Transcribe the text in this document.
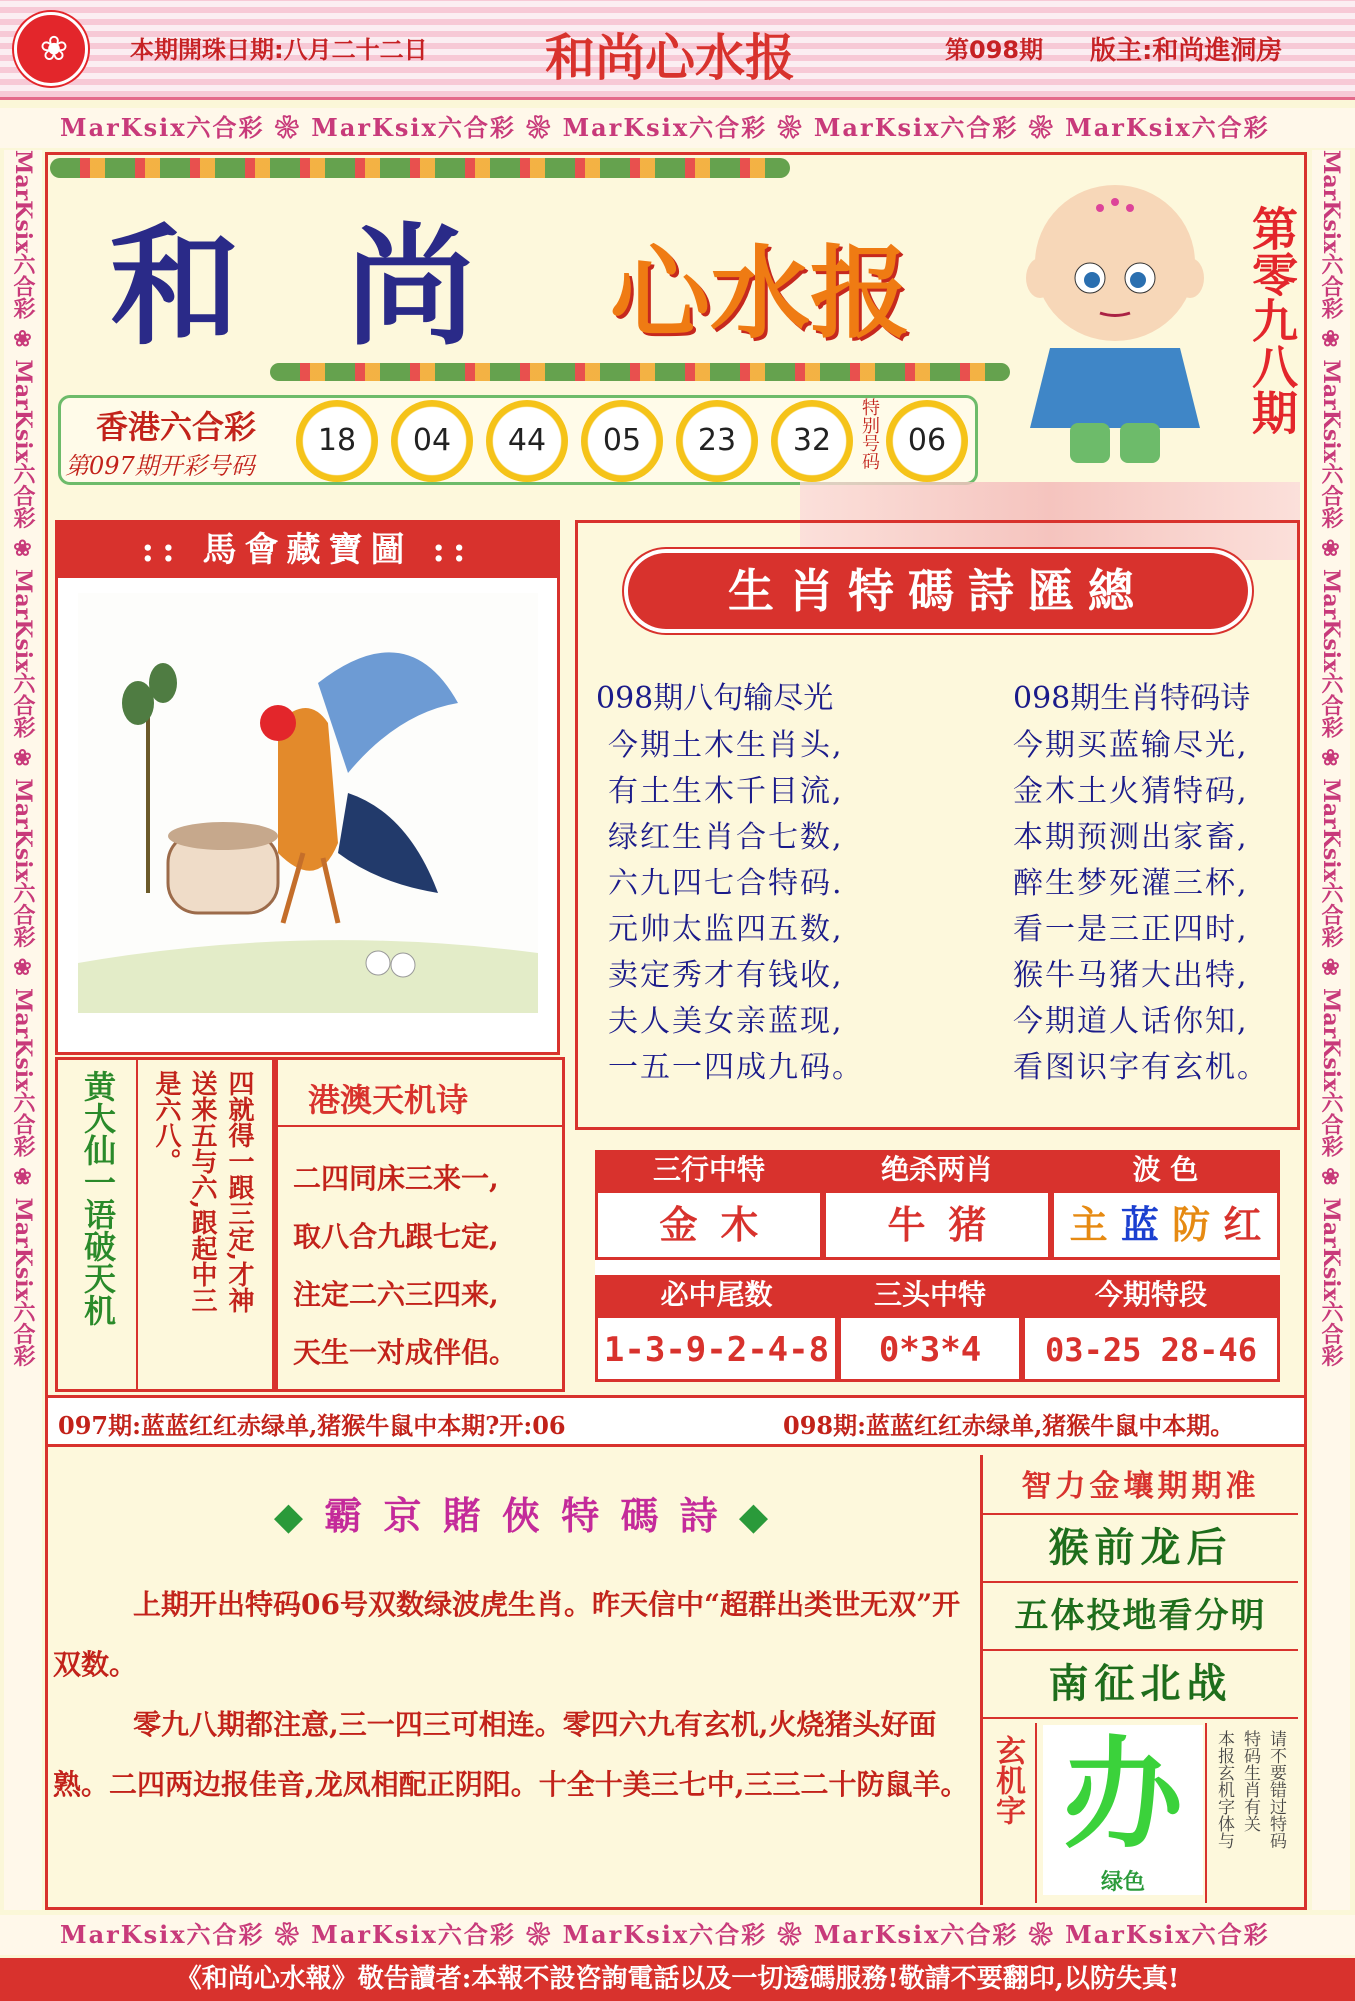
❀	本期開珠日期:八月二十二日 和尚心水报	第098期 版主:和尚進洞房
MarKsix六合彩 ❀ MarKsix六合彩 ❀ MarKsix六合彩 ❀ MarKsix六合彩 ❀ MarKsix六合彩
MarKsix六合彩 ❀ MarKsix六合彩 ❀ MarKsix六合彩 ❀ MarKsix六合彩 ❀ MarKsix六合彩
MarKsix六合彩 ❀ MarKsix六合彩 ❀ MarKsix六合彩 ❀ MarKsix六合彩 ❀ MarKsix六合彩 ❀ MarKsix六合彩
MarKsix六合彩 ❀ MarKsix六合彩 ❀ MarKsix六合彩 ❀ MarKsix六合彩 ❀ MarKsix六合彩 ❀ MarKsix六合彩
和 尚 心水报	第零九八期
香港六合彩
第097期开彩号码
18	04	44	05	23	32	特别号码 06
:: 馬會藏寶圖 ::
生肖特碼詩匯總
098期八句输尽光
今期土木生肖头,
有土生木千目流,
绿红生肖合七数,
六九四七合特码.
元帅太监四五数,
卖定秀才有钱收,
夫人美女亲蓝现,
一五一四成九码。
098期生肖特码诗
今期买蓝输尽光,
金木土火猜特码,
本期预测出家畜,
醉生梦死灌三杯,
看一是三正四时,
猴牛马猪大出特,
今期道人话你知,
看图识字有玄机。
黄大仙一语破天机	四就得一跟三定,才神
送来五与六,跟起中三
是六八。	港澳天机诗
二四同床三来一,
取八合九跟七定,
注定二六三四来,
天生一对成伴侣。
三行中特	绝杀两肖	波 色
金 木	牛 猪	主 蓝 防 红
必中尾数	三头中特	今期特段
1-3-9-2-4-8	0*3*4	03-25 28-46
097期:蓝蓝红红赤绿单,猪猴牛鼠中本期?开:06	098期:蓝蓝红红赤绿单,猪猴牛鼠中本期。
◆ 霸 京 賭 俠 特 碼 詩 ◆
上期开出特码06号双数绿波虎生肖。昨天信中“超群出类世无双”开双数。
零九八期都注意,三一四三可相连。零四六九有玄机,火烧猪头好面熟。二四两边报佳音,龙凤相配正阴阳。十全十美三七中,三三二十防鼠羊。
智力金壤期期准
猴前龙后
五体投地看分明
南征北战
玄机字 办
绿色
请不要错过特码
特码生肖有关
本报玄机字体与
《和尚心水報》敬告讀者:本報不設咨詢電話以及一切透碼服務!敬請不要翻印,以防失真!
